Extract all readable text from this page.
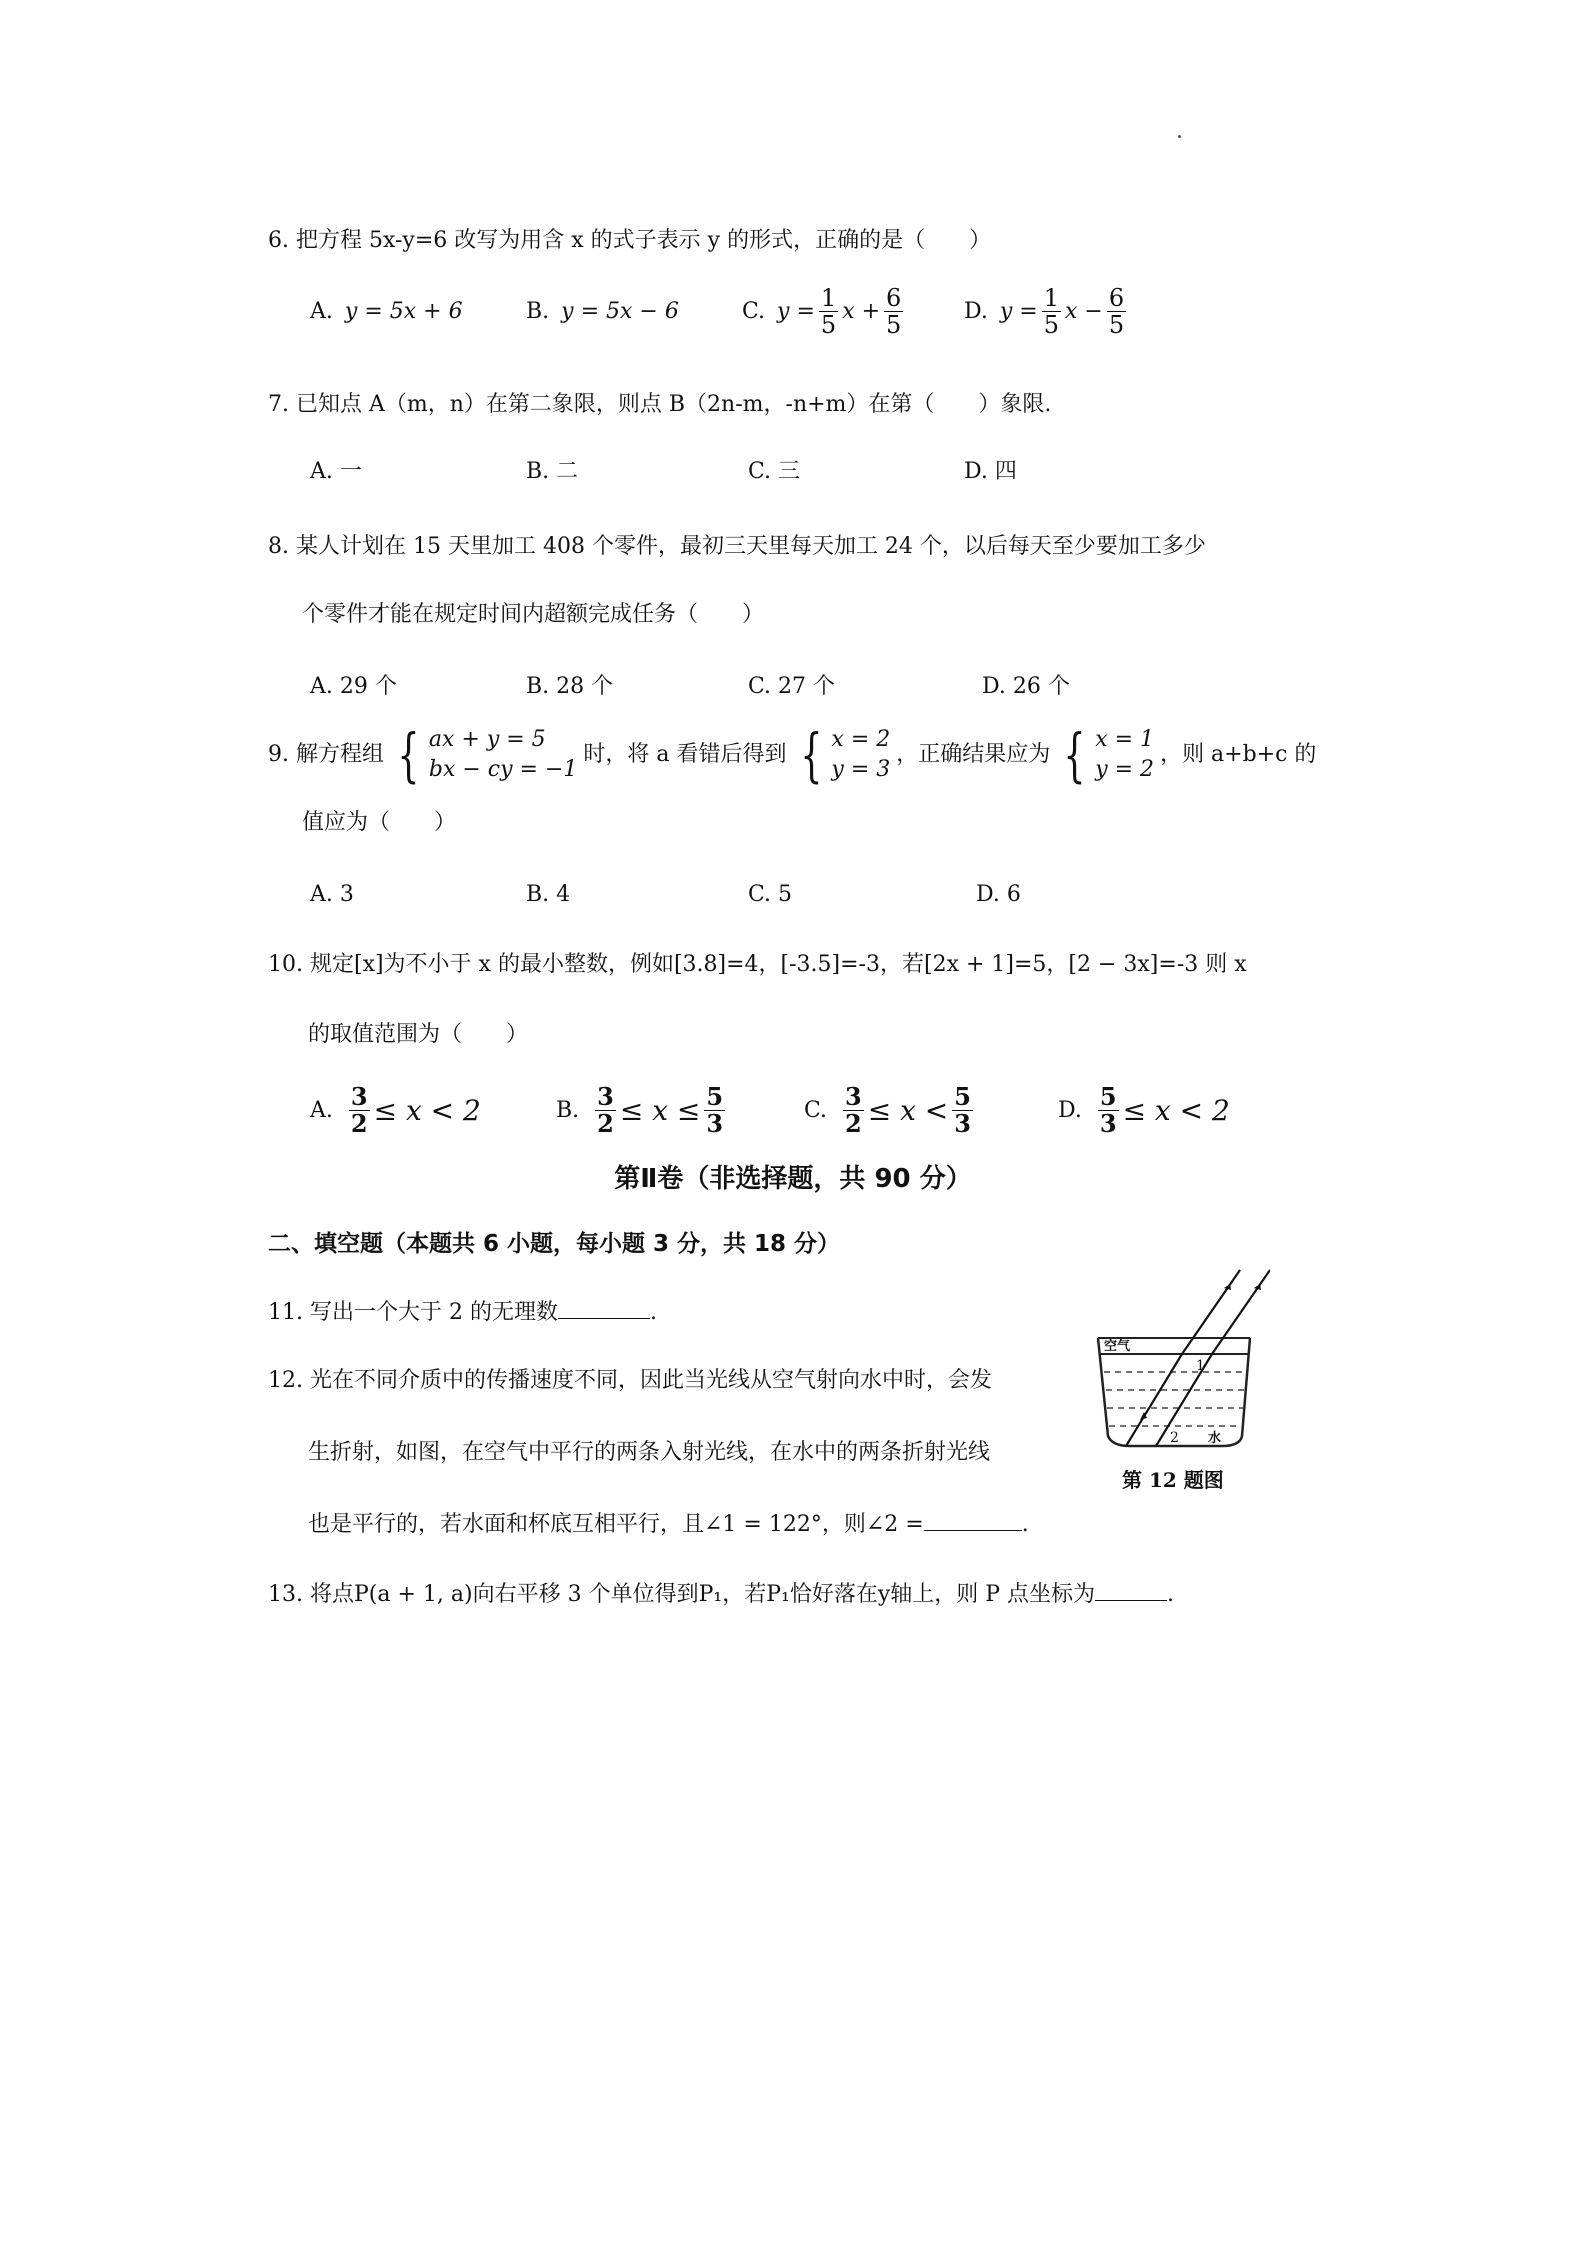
6. 把方程 5x-y=6 改写为用含 x 的式子表示 y 的形式，正确的是（　　）
A. y = 5x + 6	B. y = 5x − 6	C. $y = \frac{1}{5}$ $x + \frac{6}{5}$	D. $y = \frac{1}{5}$ $x - \frac{6}{5}$
7. 已知点 A（m，n）在第二象限，则点 B（2n-m，-n+m）在第（　　）象限.
A. 一	B. 二	C. 三	D. 四
8. 某人计划在 15 天里加工 408 个零件，最初三天里每天加工 24 个，以后每天至少要加工多少
个零件才能在规定时间内超额完成任务（　　）
A. 29 个	B. 28 个	C. 27 个	D. 26 个
9. 解方程组 { ax + y = 5
bx − cy = −1
时，将 a 看错后得到 { x = 2
y = 3
，正确结果应为 { x = 1
y = 2
，则 a+b+c 的
值应为（　　）
A. 3	B. 4	C. 5	D. 6
10. 规定[x]为不小于 x 的最小整数，例如[3.8]=4，[-3.5]=-3，若[2x + 1]=5，[2 − 3x]=-3 则 x
的取值范围为（　　）
A. $\frac{3}{2} \le x < 2$	B. $\frac{3}{2} \le x \le \frac{5}{3}$	C. $\frac{3}{2} \le x < \frac{5}{3}$	D. $\frac{5}{3} \le x < 2$
第Ⅱ卷（非选择题，共 90 分）
二、填空题（本题共 6 小题，每小题 3 分，共 18 分）
11. 写出一个大于 2 的无理数	.
12. 光在不同介质中的传播速度不同，因此当光线从空气射向水中时，会发
生折射，如图，在空气中平行的两条入射光线，在水中的两条折射光线
也是平行的，若水面和杯底互相平行，且∠1 = 122°，则∠2 =	.
空气
1
2 水
第 12 题图
13. 将点P(a + 1, a)向右平移 3 个单位得到P₁，若P₁恰好落在y轴上，则 P 点坐标为	.
